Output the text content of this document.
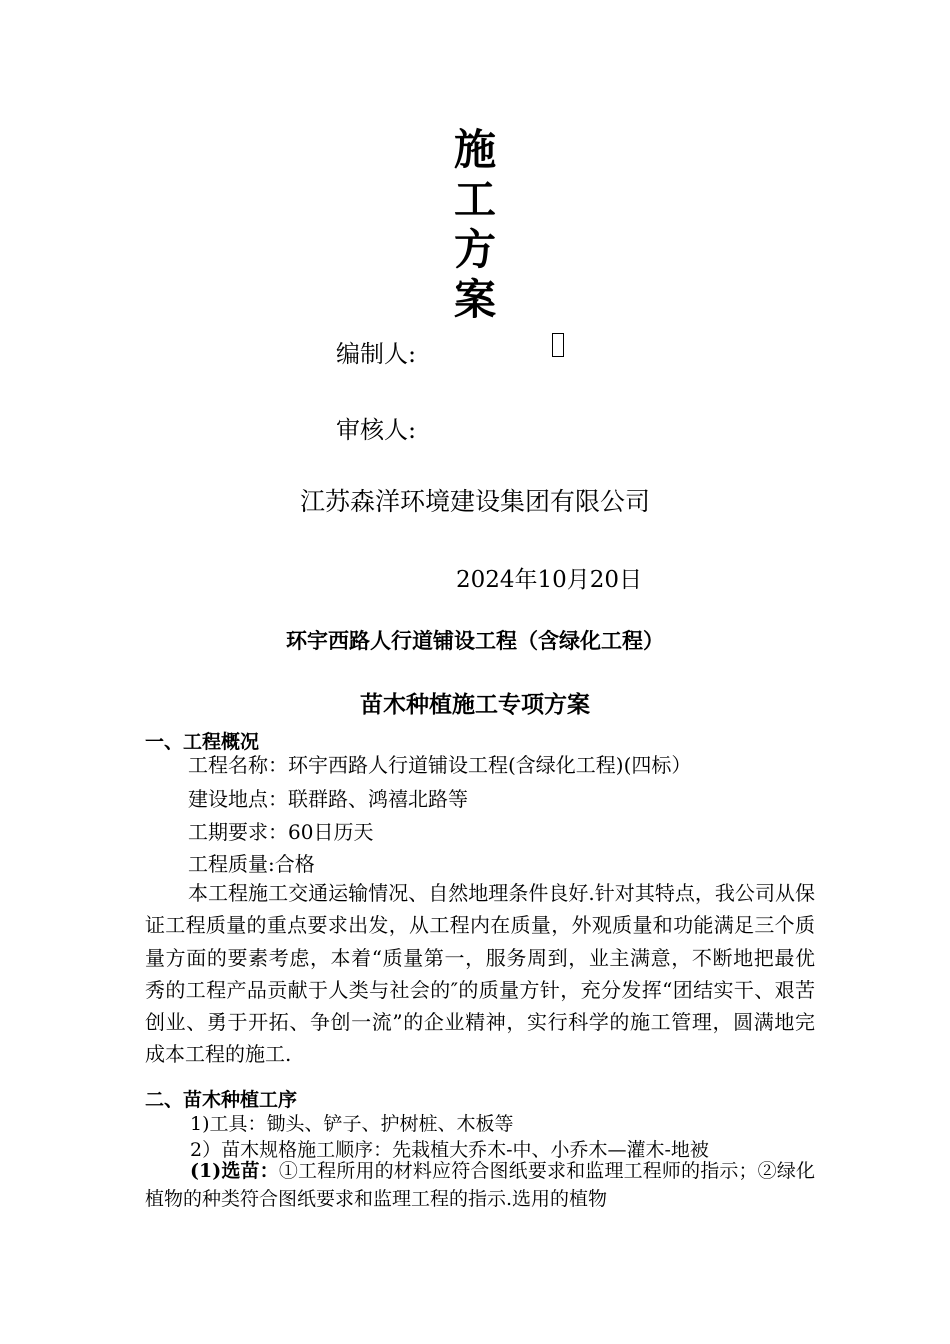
施
工
方
案
编制人:
审核人:
江苏森洋环境建设集团有限公司
2024年10月20日
环宇西路人行道铺设工程（含绿化工程）
苗木种植施工专项方案
一、工程概况
工程名称：环宇西路人行道铺设工程(含绿化工程)(四标）
建设地点：联群路、鸿禧北路等
工期要求：60日历天
工程质量:合格
本工程施工交通运输情况、自然地理条件良好.针对其特点，我公司从保证工程质量的重点要求出发，从工程内在质量，外观质量和功能满足三个质量方面的要素考虑，本着“质量第一，服务周到，业主满意，不断地把最优秀的工程产品贡献于人类与社会的″的质量方针，充分发挥“团结实干、艰苦创业、勇于开拓、争创一流”的企业精神，实行科学的施工管理，圆满地完成本工程的施工.
二、苗木种植工序
1)工具：锄头、铲子、护树桩、木板等
2）苗木规格施工顺序：先栽植大乔木-中、小乔木—灌木-地被
(1)选苗：①工程所用的材料应符合图纸要求和监理工程师的指示；②绿化植物的种类符合图纸要求和监理工程的指示.选用的植物
